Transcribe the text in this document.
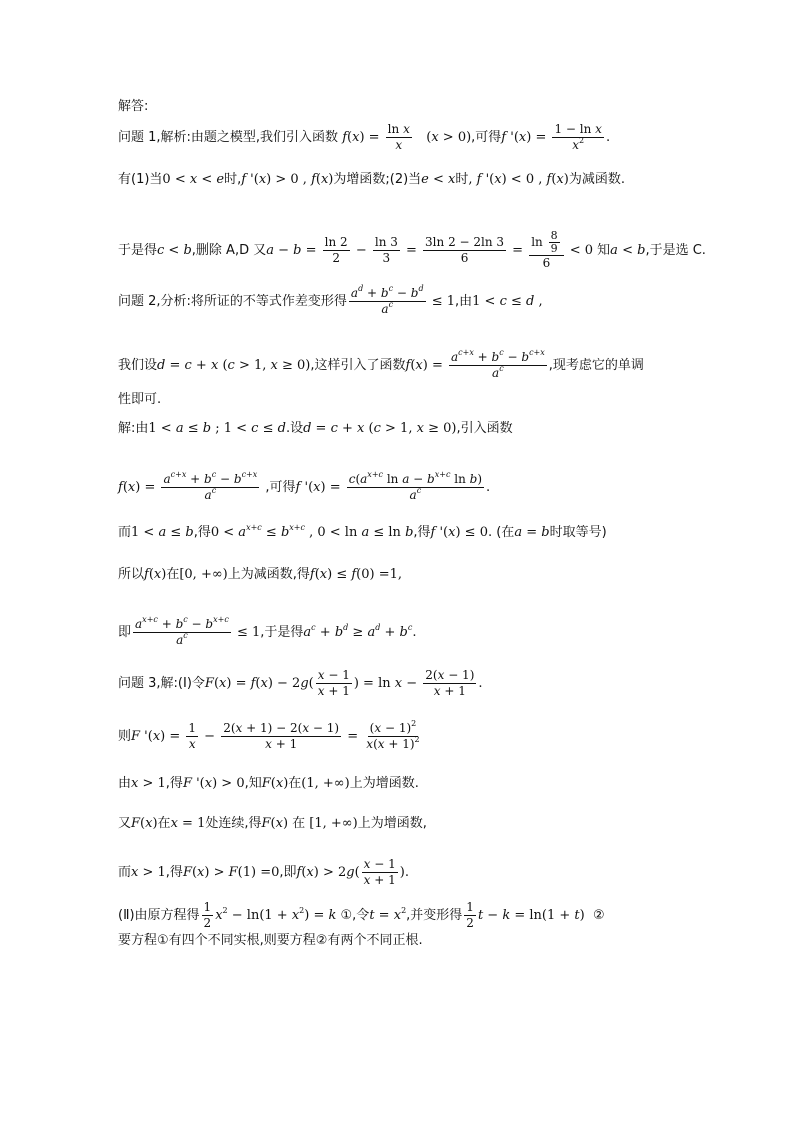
解答:
问题 1,解析:由题之模型,我们引入函数 $f(x) = \frac{\text{ln x}}{x} (x > 0)$,可得f '$(x) = \frac{\text{1 − ln x}}{x^2}$ .
有(1)当0 < x < e时,f '(x) > 0 , f(x)为增函数;(2)当e < x时, f '(x) < 0 , f(x)为减函数.
于是得c < b,删除 A,D 又$a - b = \frac{\ln 2}{2} - \frac{\ln 3}{3} = \frac{3\ln 2 - 2\ln 3}{6} = \frac{\ln \frac{8}{9}}{6} < 0$ 知a < b,于是选 C.
问题 2,分析:将所证的不等式作差变形得 $\frac{a^d + b^c - b^d}{a^c} \le 1$,由1 < c ≤ d ,
我们设d = c + x (c > 1, x ≥ 0),这样引入了函数$f(x) = \frac{a^{c+x} + b^c - b^{c+x}}{a^c}$ ,现考虑它的单调
性即可.
解:由1 < a ≤ b ; 1 < c ≤ d.设d = c + x (c > 1, x ≥ 0),引入函数
$f(x) = \frac{a^{c+x} + b^c - b^{c+x}}{a^c}$ ,可得f '$(x) = \frac{c(a^{x+c} \ln a - b^{x+c} \ln b)}{a^c}$ .
而1 < a ≤ b,得$0 < a^{x+c} \le b^{x+c}$ , 0 < ln a ≤ ln b,得f '(x) ≤ 0. (在a = b时取等号)
所以f(x)在[0, +∞)上为减函数,得f(x) ≤ f(0) =1,
即 $\frac{a^{x+c} + b^c - b^{x+c}}{a^c} \le 1$,于是得$a^c + b^d \ge a^d + b^c$.
问题 3,解:(Ⅰ)令$F(x) = f(x) - 2g( \frac{x - 1}{x + 1}$ ) = $\ln x - \frac{2(x - 1)}{x + 1}$ .
则F '$(x) = \frac{1}{x} - \frac{2(x + 1) - 2(x - 1)}{x + 1} = \frac{(x - 1)^2}{x(x + 1)^2}$
由x > 1,得F '(x) > 0,知F(x)在(1, +∞)上为增函数.
又F(x)在x = 1处连续,得F(x) 在 [1, +∞)上为增函数,
而x > 1,得F(x) > F(1) =0,即$f(x) > 2g( \frac{x - 1}{x + 1}$ ).
(Ⅱ)由原方程得 $\frac{1}{2} x^2 - \ln(1 + x^2) = k$ ①,令$t = x^2$,并变形得 $\frac{1}{2}$ t − k = ln(1 + t)  ②
要方程①有四个不同实根,则要方程②有两个不同正根.
